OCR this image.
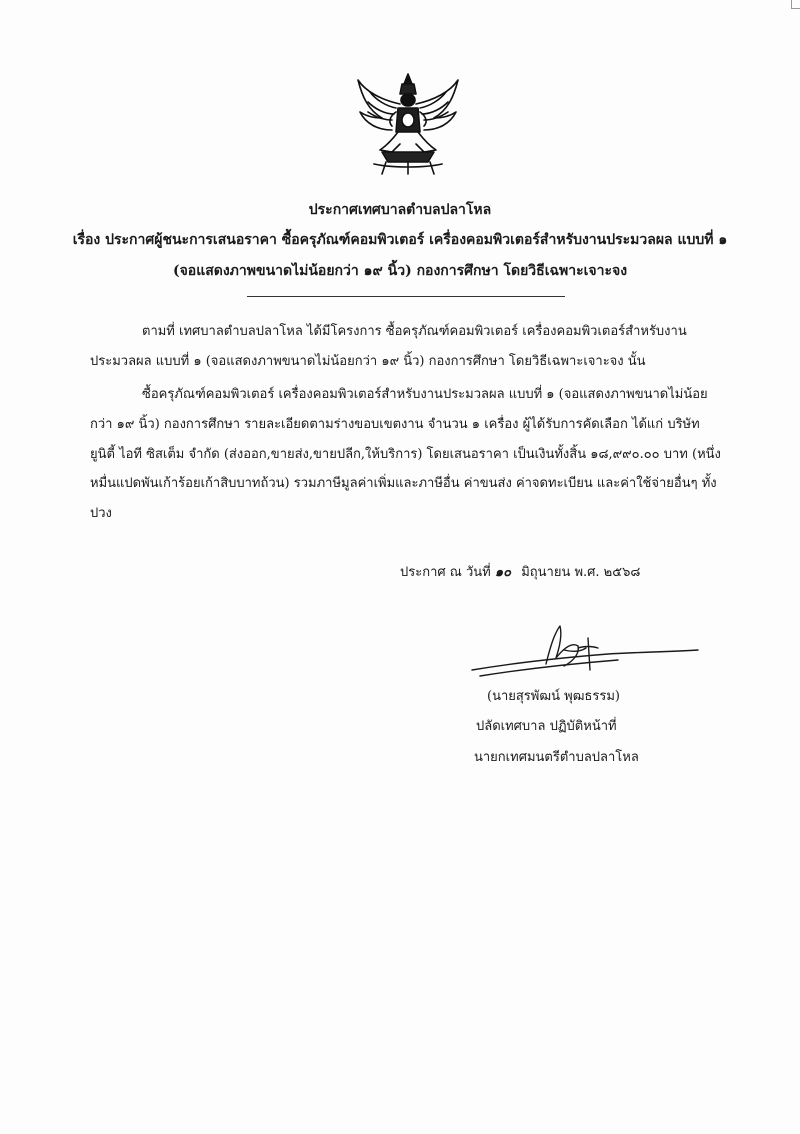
ประกาศเทศบาลตำบลปลาโหล
เรื่อง ประกาศผู้ชนะการเสนอราคา ซื้อครุภัณฑ์คอมพิวเตอร์ เครื่องคอมพิวเตอร์สำหรับงานประมวลผล แบบที่ ๑
(จอแสดงภาพขนาดไม่น้อยกว่า ๑๙ นิ้ว) กองการศึกษา โดยวิธีเฉพาะเจาะจง
ตามที่ เทศบาลตำบลปลาโหล ได้มีโครงการ ซื้อครุภัณฑ์คอมพิวเตอร์ เครื่องคอมพิวเตอร์สำหรับงาน
ประมวลผล แบบที่ ๑ (จอแสดงภาพขนาดไม่น้อยกว่า ๑๙ นิ้ว) กองการศึกษา โดยวิธีเฉพาะเจาะจง นั้น
ซื้อครุภัณฑ์คอมพิวเตอร์ เครื่องคอมพิวเตอร์สำหรับงานประมวลผล แบบที่ ๑ (จอแสดงภาพขนาดไม่น้อย
กว่า ๑๙ นิ้ว) กองการศึกษา รายละเอียดตามร่างขอบเขตงาน จำนวน ๑ เครื่อง ผู้ได้รับการคัดเลือก ได้แก่ บริษัท
ยูนิตี้ ไอที ซิสเต็ม จำกัด (ส่งออก,ขายส่ง,ขายปลีก,ให้บริการ) โดยเสนอราคา เป็นเงินทั้งสิ้น ๑๘,๙๙๐.๐๐ บาท (หนึ่ง
หมื่นแปดพันเก้าร้อยเก้าสิบบาทถ้วน) รวมภาษีมูลค่าเพิ่มและภาษีอื่น ค่าขนส่ง ค่าจดทะเบียน และค่าใช้จ่ายอื่นๆ ทั้ง
ปวง
ประกาศ ณ วันที่ ๑๐ มิถุนายน พ.ศ. ๒๕๖๘
(นายสุรพัฒน์ พุฒธรรม)
ปลัดเทศบาล ปฏิบัติหน้าที่
นายกเทศมนตรีตำบลปลาโหล
